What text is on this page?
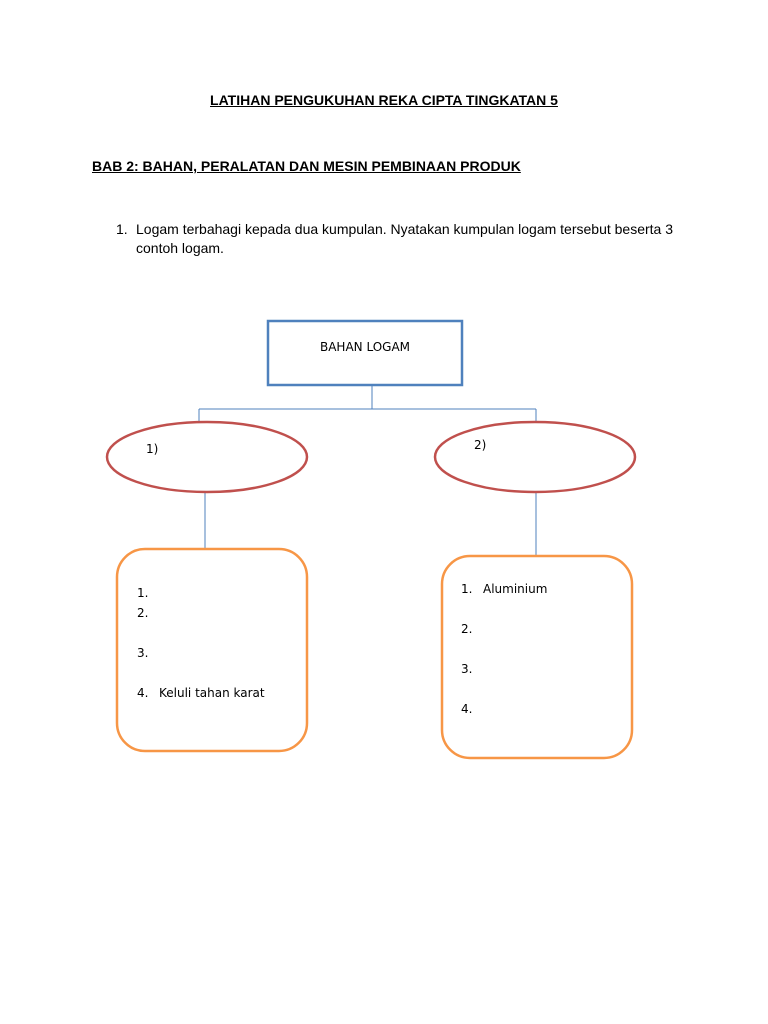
LATIHAN PENGUKUHAN REKA CIPTA TINGKATAN 5
BAB 2: BAHAN, PERALATAN DAN MESIN PEMBINAAN PRODUK
1. Logam terbahagi kepada dua kumpulan. Nyatakan kumpulan logam tersebut beserta 3 contoh logam.
BAHAN LOGAM
1)	2)
1.
2.
3.
4. Keluli tahan karat
1. Aluminium
2.
3.
4.
